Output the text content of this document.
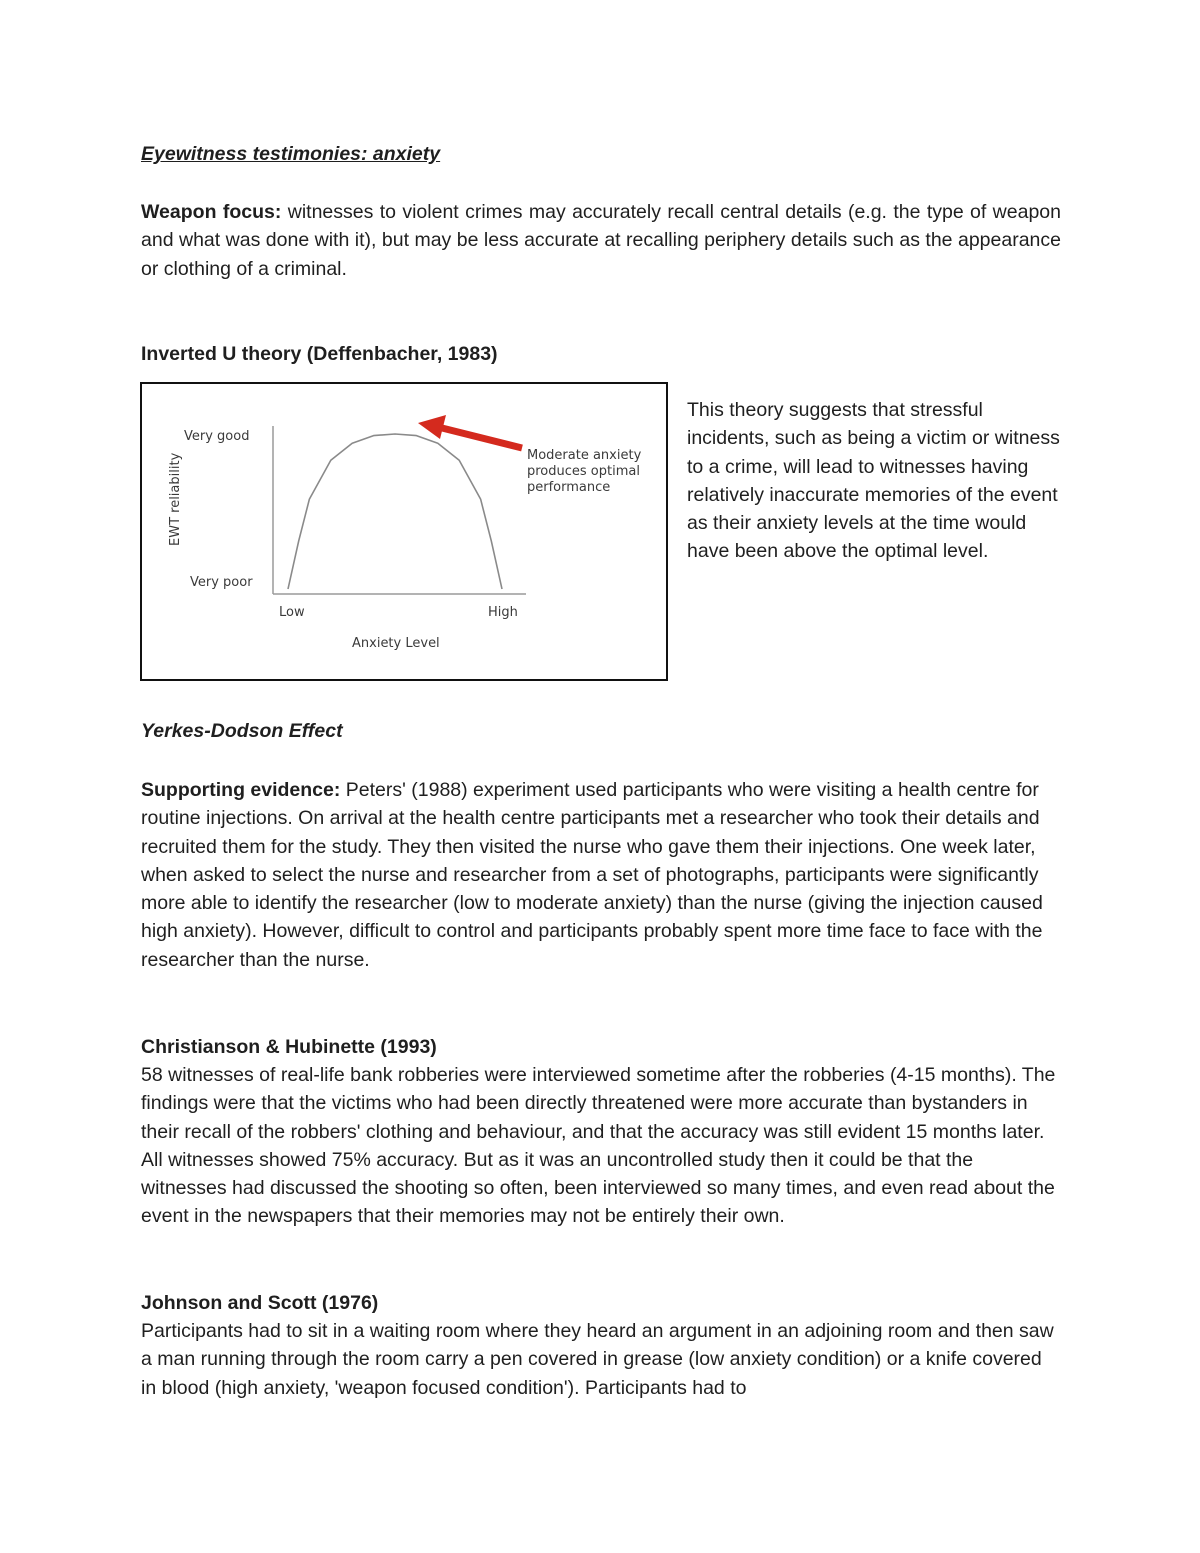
Eyewitness testimonies: anxiety
Weapon focus: witnesses to violent crimes may accurately recall central details (e.g. the type of weapon and what was done with it), but may be less accurate at recalling periphery details such as the appearance or clothing of a criminal.
Inverted U theory (Deffenbacher, 1983)
Very good
Very poor
Low	High
Anxiety Level
EWT reliability	Moderate anxiety
produces optimal
performance
This theory suggests that stressful incidents, such as being a victim or witness to a crime, will lead to witnesses having relatively inaccurate memories of the event as their anxiety levels at the time would have been above the optimal level.
Yerkes-Dodson Effect
Supporting evidence: Peters' (1988) experiment used participants who were visiting a health centre for routine injections. On arrival at the health centre participants met a researcher who took their details and recruited them for the study. They then visited the nurse who gave them their injections. One week later, when asked to select the nurse and researcher from a set of photographs, participants were significantly more able to identify the researcher (low to moderate anxiety) than the nurse (giving the injection caused high anxiety). However, difficult to control and participants probably spent more time face to face with the researcher than the nurse.
Christianson & Hubinette (1993)
58 witnesses of real-life bank robberies were interviewed sometime after the robberies (4-15 months). The findings were that the victims who had been directly threatened were more accurate than bystanders in their recall of the robbers' clothing and behaviour, and that the accuracy was still evident 15 months later. All witnesses showed 75% accuracy. But as it was an uncontrolled study then it could be that the witnesses had discussed the shooting so often, been interviewed so many times, and even read about the event in the newspapers that their memories may not be entirely their own.
Johnson and Scott (1976)
Participants had to sit in a waiting room where they heard an argument in an adjoining room and then saw a man running through the room carry a pen covered in grease (low anxiety condition) or a knife covered in blood (high anxiety, 'weapon focused condition'). Participants had to
